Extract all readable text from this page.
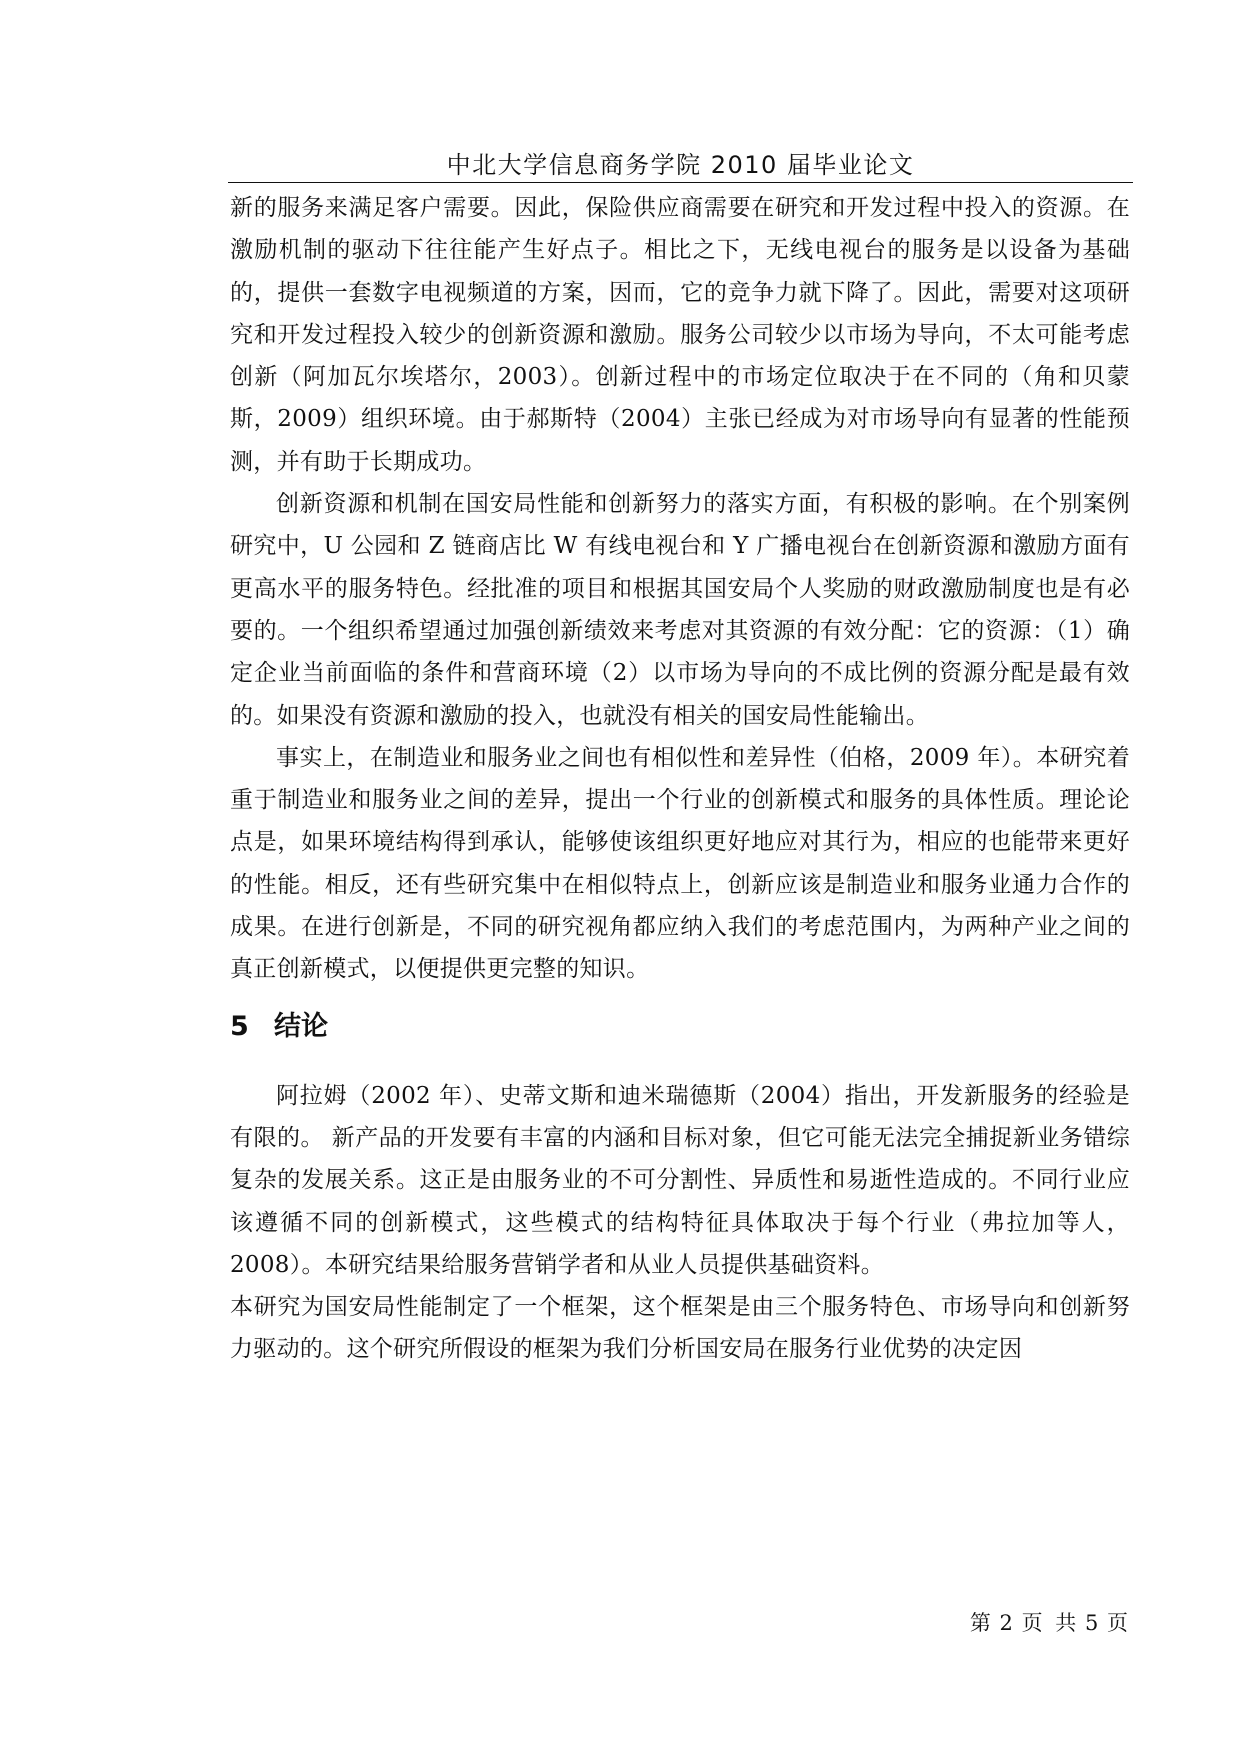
中北大学信息商务学院 2010 届毕业论文

新的服务来满足客户需要。因此，保险供应商需要在研究和开发过程中投入的资源。在激励机制的驱动下往往能产生好点子。相比之下，无线电视台的服务是以设备为基础的，提供一套数字电视频道的方案，因而，它的竞争力就下降了。因此，需要对这项研究和开发过程投入较少的创新资源和激励。服务公司较少以市场为导向，不太可能考虑创新（阿加瓦尔埃塔尔，2003）。创新过程中的市场定位取决于在不同的（角和贝蒙斯，2009）组织环境。由于郝斯特（2004）主张已经成为对市场导向有显著的性能预测，并有助于长期成功。

创新资源和机制在国安局性能和创新努力的落实方面，有积极的影响。在个别案例研究中，U 公园和 Z 链商店比 W 有线电视台和 Y 广播电视台在创新资源和激励方面有更高水平的服务特色。经批准的项目和根据其国安局个人奖励的财政激励制度也是有必要的。一个组织希望通过加强创新绩效来考虑对其资源的有效分配：它的资源：（1）确定企业当前面临的条件和营商环境（2）以市场为导向的不成比例的资源分配是最有效的。如果没有资源和激励的投入，也就没有相关的国安局性能输出。

事实上，在制造业和服务业之间也有相似性和差异性（伯格，2009 年）。本研究着重于制造业和服务业之间的差异，提出一个行业的创新模式和服务的具体性质。理论论点是，如果环境结构得到承认，能够使该组织更好地应对其行为，相应的也能带来更好的性能。相反，还有些研究集中在相似特点上，创新应该是制造业和服务业通力合作的成果。在进行创新是，不同的研究视角都应纳入我们的考虑范围内，为两种产业之间的真正创新模式，以便提供更完整的知识。

5 结论

阿拉姆（2002 年）、史蒂文斯和迪米瑞德斯（2004）指出，开发新服务的经验是有限的。 新产品的开发要有丰富的内涵和目标对象，但它可能无法完全捕捉新业务错综复杂的发展关系。这正是由服务业的不可分割性、异质性和易逝性造成的。不同行业应该遵循不同的创新模式，这些模式的结构特征具体取决于每个行业（弗拉加等人，2008）。本研究结果给服务营销学者和从业人员提供基础资料。

本研究为国安局性能制定了一个框架，这个框架是由三个服务特色、市场导向和创新努力驱动的。这个研究所假设的框架为我们分析国安局在服务行业优势的决定因

第 2 页 共 5 页
